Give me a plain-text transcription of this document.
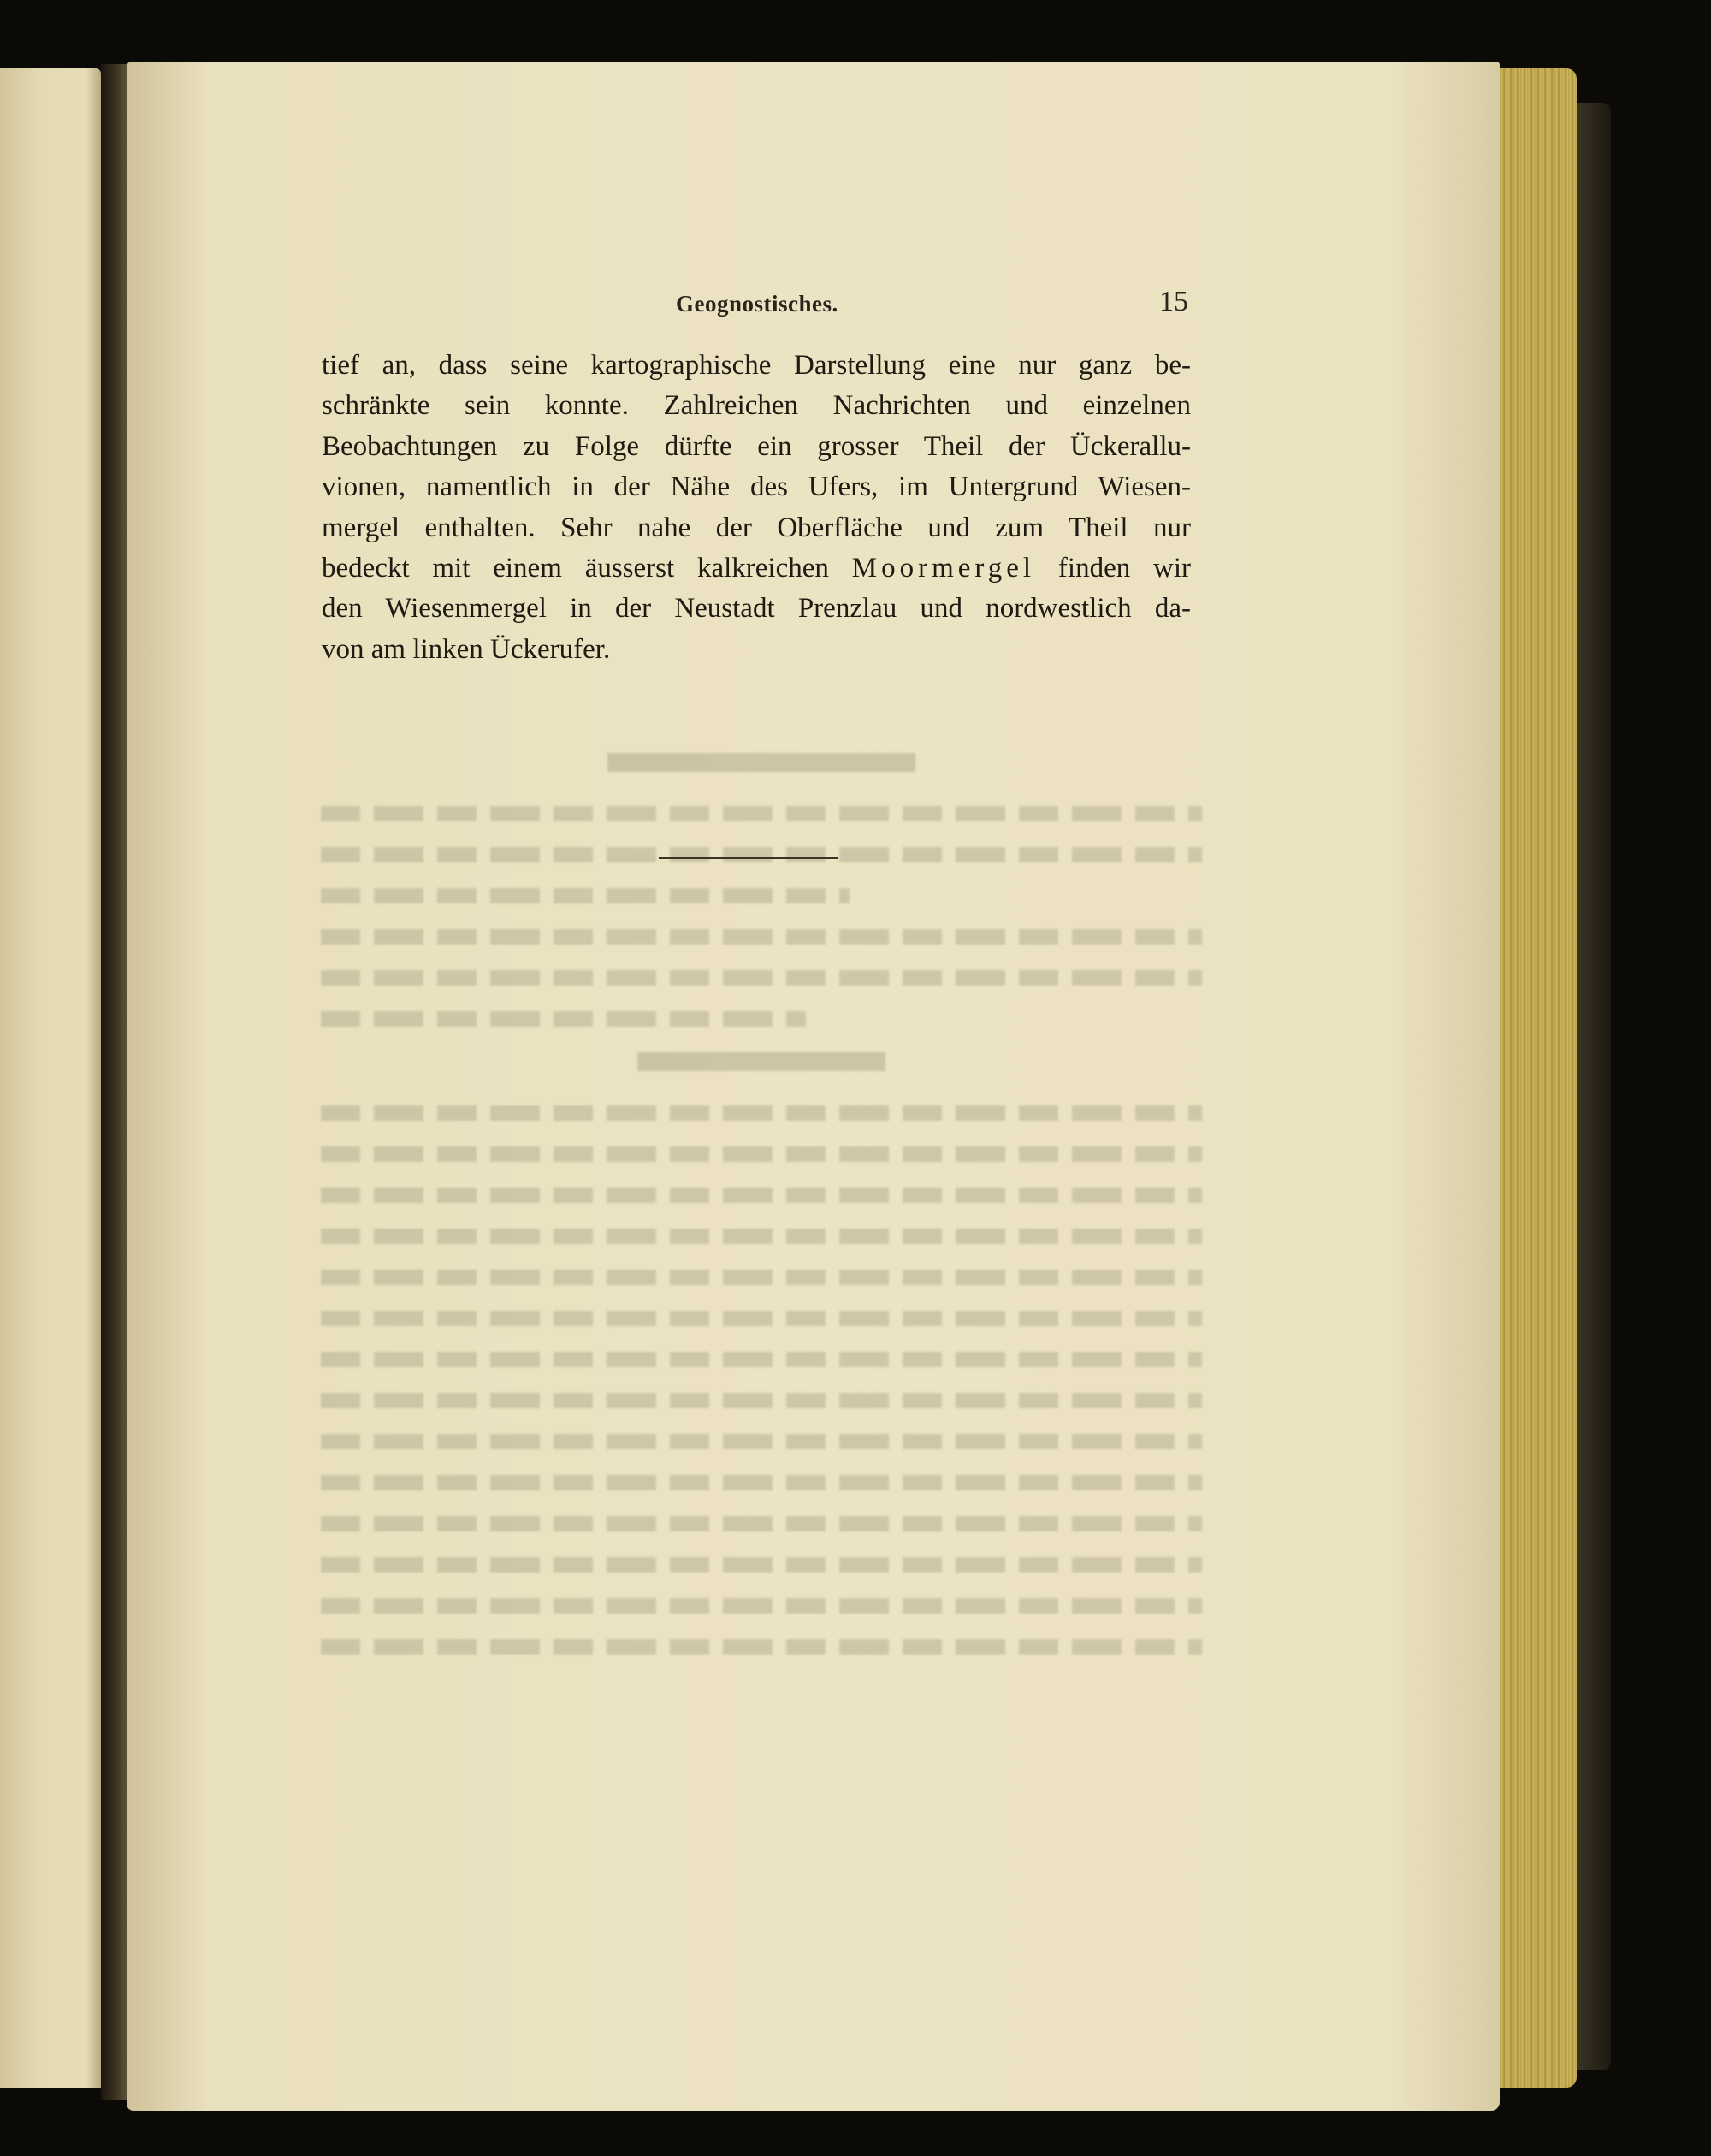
Geognostisches.	15
tief an, dass seine kartographische Darstellung eine nur ganz be-
schränkte sein konnte. Zahlreichen Nachrichten und einzelnen
Beobachtungen zu Folge dürfte ein grosser Theil der Ückerallu-
vionen, namentlich in der Nähe des Ufers, im Untergrund Wiesen-
mergel enthalten. Sehr nahe der Oberfläche und zum Theil nur
bedeckt mit einem äusserst kalkreichen Moormergel finden wir
den Wiesenmergel in der Neustadt Prenzlau und nordwestlich da-
von am linken Ückerufer.
